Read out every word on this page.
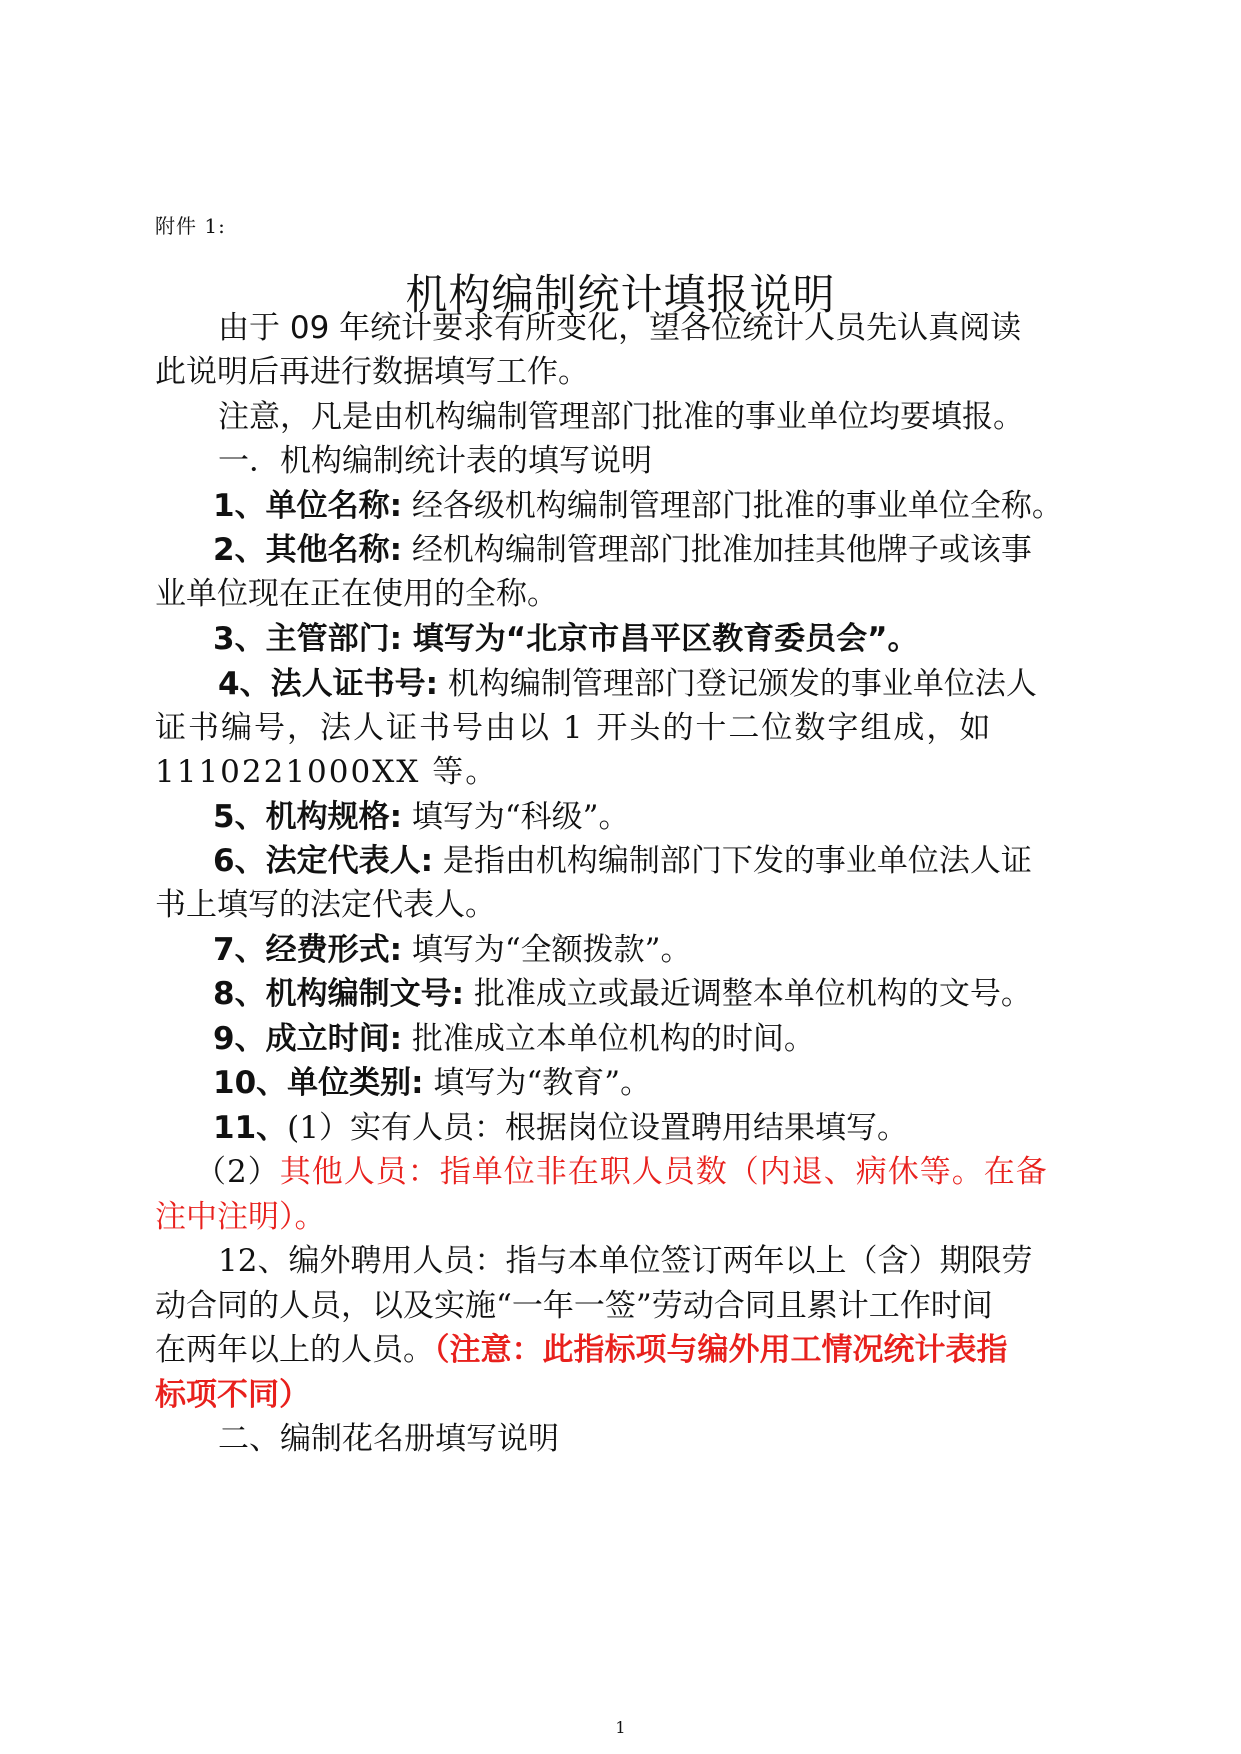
附件 1:
机构编制统计填报说明
由于 09 年统计要求有所变化，望各位统计人员先认真阅读
此说明后再进行数据填写工作。
注意，凡是由机构编制管理部门批准的事业单位均要填报。
一．机构编制统计表的填写说明
1、单位名称: 经各级机构编制管理部门批准的事业单位全称。
2、其他名称: 经机构编制管理部门批准加挂其他牌子或该事
业单位现在正在使用的全称。
3、主管部门: 填写为“北京市昌平区教育委员会”。
4、法人证书号: 机构编制管理部门登记颁发的事业单位法人
证书编号，法人证书号由以 1 开头的十二位数字组成，如
1110221000XX 等。
5、机构规格: 填写为“科级”。
6、法定代表人: 是指由机构编制部门下发的事业单位法人证
书上填写的法定代表人。
7、经费形式: 填写为“全额拨款”。
8、机构编制文号: 批准成立或最近调整本单位机构的文号。
9、成立时间: 批准成立本单位机构的时间。
10、单位类别: 填写为“教育”。
11、(1）实有人员：根据岗位设置聘用结果填写。
（2）其他人员：指单位非在职人员数（内退、病休等。在备
注中注明）。
12、编外聘用人员：指与本单位签订两年以上（含）期限劳
动合同的人员，以及实施“一年一签”劳动合同且累计工作时间
在两年以上的人员。（注意：此指标项与编外用工情况统计表指
标项不同）
二、编制花名册填写说明
1
